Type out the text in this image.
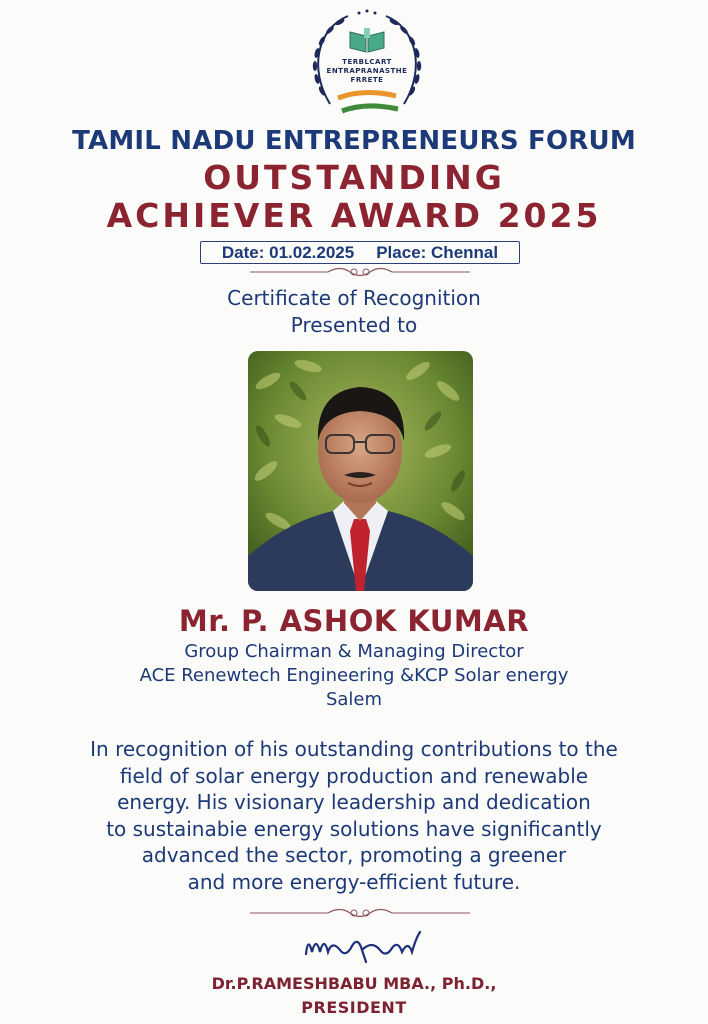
TERBLCART
ENTRAPRANASTHE
FRRETE
TAMIL NADU ENTREPRENEURS FORUM
OUTSTANDING
ACHIEVER AWARD 2025
Date: 01.02.2025 Place: Chennal
Certificate of Recognition
Presented to
Mr. P. ASHOK KUMAR
Group Chairman & Managing Director
ACE Renewtech Engineering &KCP Solar energy
Salem
In recognition of his outstanding contributions to the
field of solar energy production and renewable
energy. His visionary leadership and dedication
to sustainabie energy solutions have significantly
advanced the sector, promoting a greener
and more energy-efficient future.
Dr.P.RAMESHBABU MBA., Ph.D.,
PRESIDENT
